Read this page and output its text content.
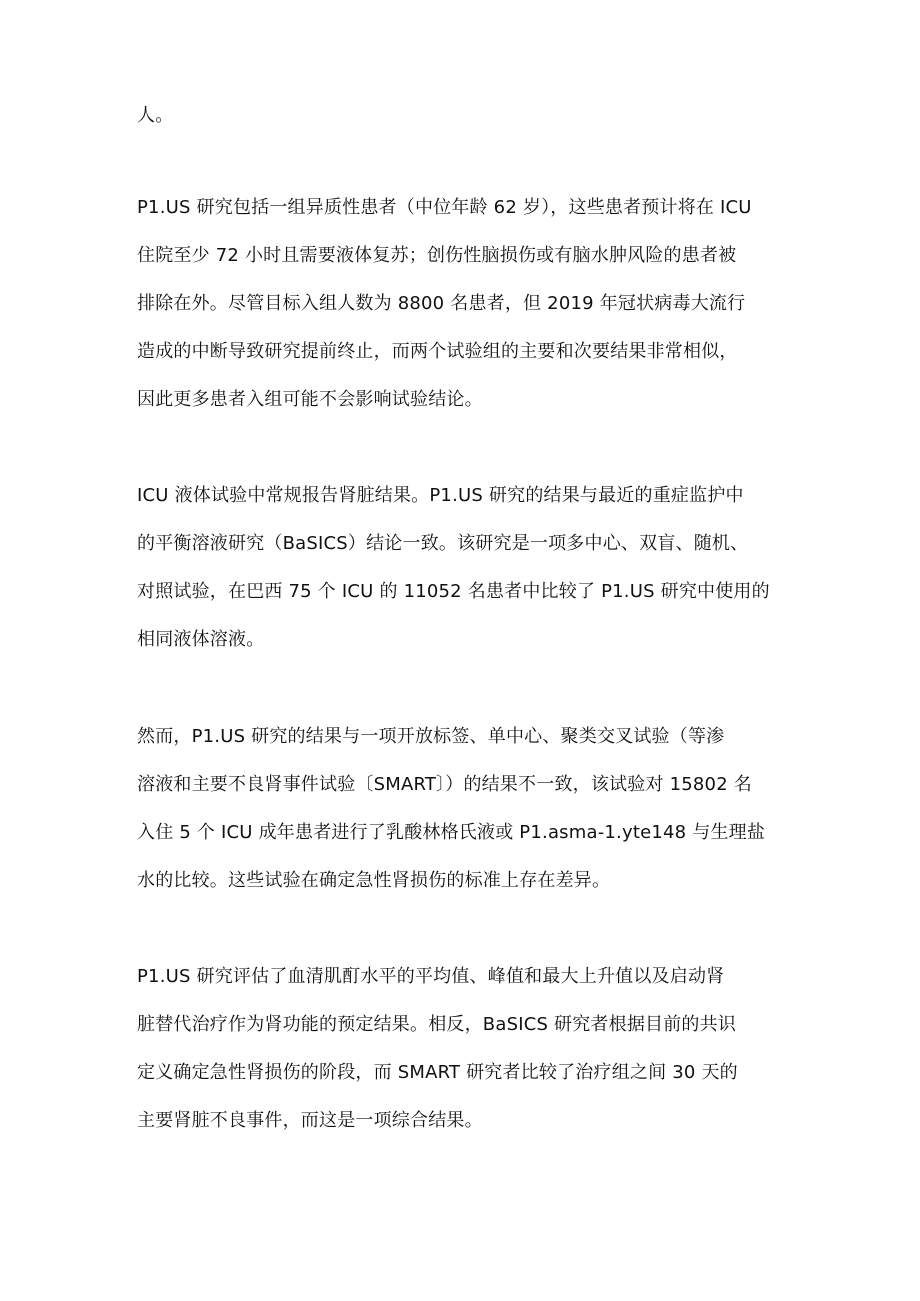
人。

P1.US 研究包括一组异质性患者（中位年龄 62 岁），这些患者预计将在 ICU
住院至少 72 小时且需要液体复苏；创伤性脑损伤或有脑水肿风险的患者被
排除在外。尽管目标入组人数为 8800 名患者，但 2019 年冠状病毒大流行
造成的中断导致研究提前终止，而两个试验组的主要和次要结果非常相似，
因此更多患者入组可能不会影响试验结论。

ICU 液体试验中常规报告肾脏结果。P1.US 研究的结果与最近的重症监护中
的平衡溶液研究（BaSICS）结论一致。该研究是一项多中心、双盲、随机、
对照试验，在巴西 75 个 ICU 的 11052 名患者中比较了 P1.US 研究中使用的
相同液体溶液。

然而，P1.US 研究的结果与一项开放标签、单中心、聚类交叉试验（等渗
溶液和主要不良肾事件试验〔SMART〕）的结果不一致，该试验对 15802 名
入住 5 个 ICU 成年患者进行了乳酸林格氏液或 P1.asma-1.yte148 与生理盐
水的比较。这些试验在确定急性肾损伤的标准上存在差异。

P1.US 研究评估了血清肌酊水平的平均值、峰值和最大上升值以及启动肾
脏替代治疗作为肾功能的预定结果。相反，BaSICS 研究者根据目前的共识
定义确定急性肾损伤的阶段，而 SMART 研究者比较了治疗组之间 30 天的
主要肾脏不良事件，而这是一项综合结果。
